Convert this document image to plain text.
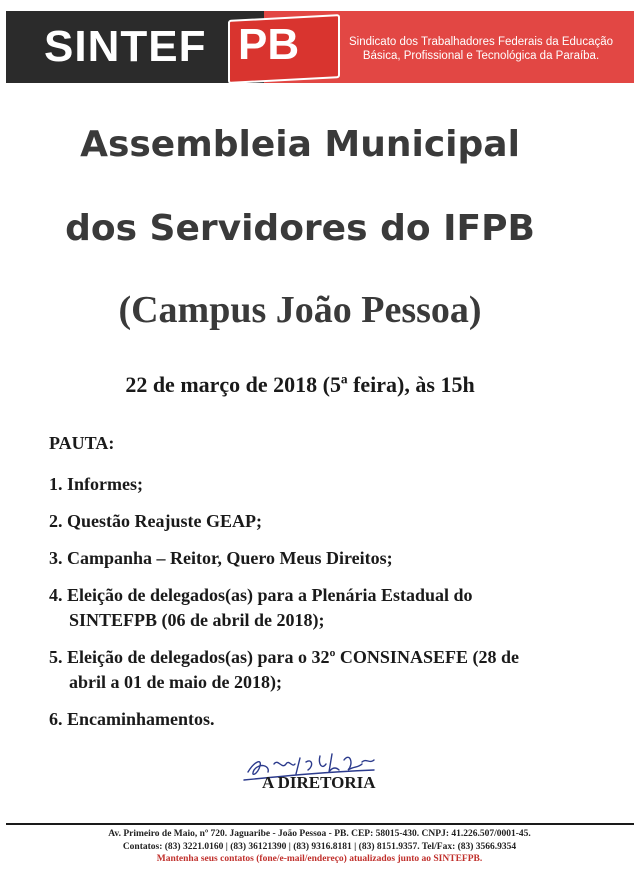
SINTEF PB	Sindicato dos Trabalhadores Federais da Educação
Básica, Profissional e Tecnológica da Paraíba.
Assembleia Municipal
dos Servidores do IFPB
(Campus João Pessoa)
22 de março de 2018 (5ª feira), às 15h
PAUTA:
1. Informes;
2. Questão Reajuste GEAP;
3. Campanha – Reitor, Quero Meus Direitos;
4. Eleição de delegados(as) para a Plenária Estadual do SINTEFPB (06 de abril de 2018);
5. Eleição de delegados(as) para o 32º CONSINASEFE (28 de abril a 01 de maio de 2018);
6. Encaminhamentos.
A DIRETORIA
Av. Primeiro de Maio, nº 720. Jaguaribe - João Pessoa - PB. CEP: 58015-430. CNPJ: 41.226.507/0001-45.
Contatos: (83) 3221.0160 | (83) 36121390 | (83) 9316.8181 | (83) 8151.9357. Tel/Fax: (83) 3566.9354
Mantenha seus contatos (fone/e-mail/endereço) atualizados junto ao SINTEFPB.
